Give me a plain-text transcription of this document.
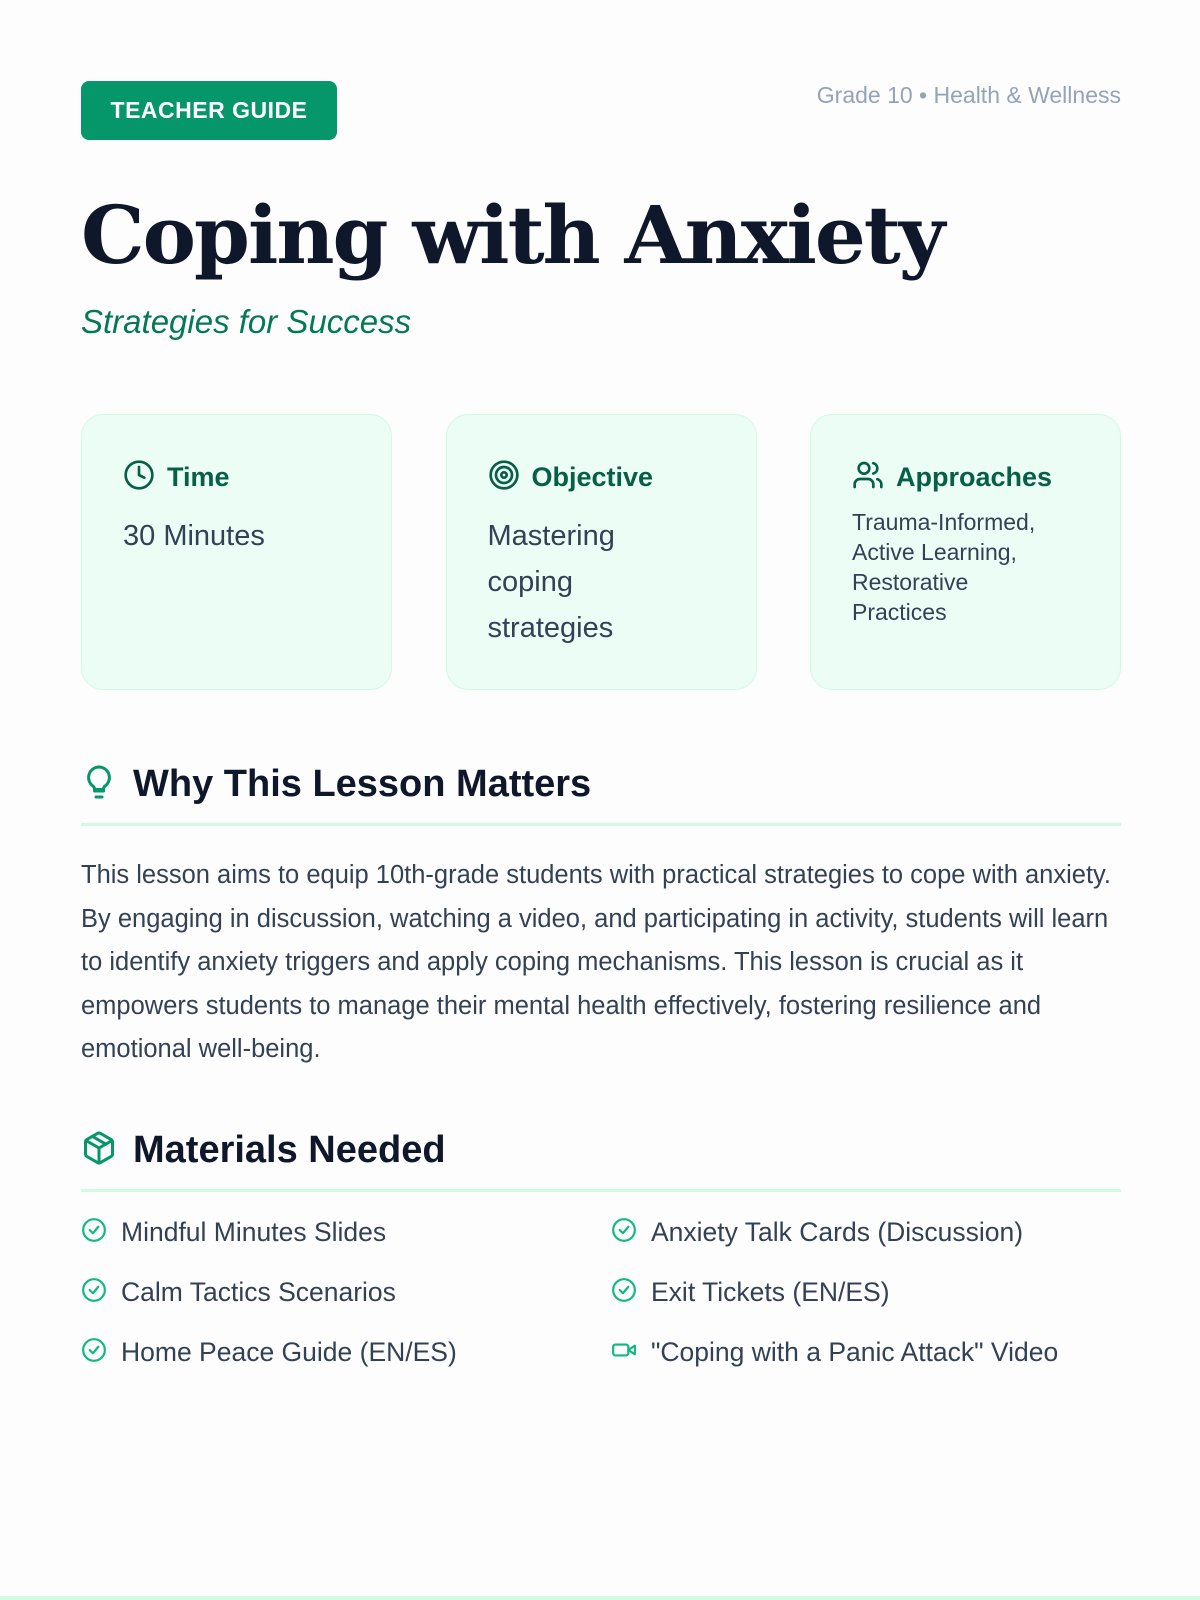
TEACHER GUIDE
Grade 10 • Health & Wellness
Coping with Anxiety
Strategies for Success
Time
30 Minutes
Objective
Mastering coping strategies
Approaches
Trauma-Informed, Active Learning, Restorative Practices
Why This Lesson Matters

This lesson aims to equip 10th-grade students with practical strategies to cope with anxiety. By engaging in discussion, watching a video, and participating in activity, students will learn to identify anxiety triggers and apply coping mechanisms. This lesson is crucial as it empowers students to manage their mental health effectively, fostering resilience and emotional well-being.

Materials Needed
Mindful Minutes Slides	Anxiety Talk Cards (Discussion)
Calm Tactics Scenarios	Exit Tickets (EN/ES)
Home Peace Guide (EN/ES)	"Coping with a Panic Attack" Video
